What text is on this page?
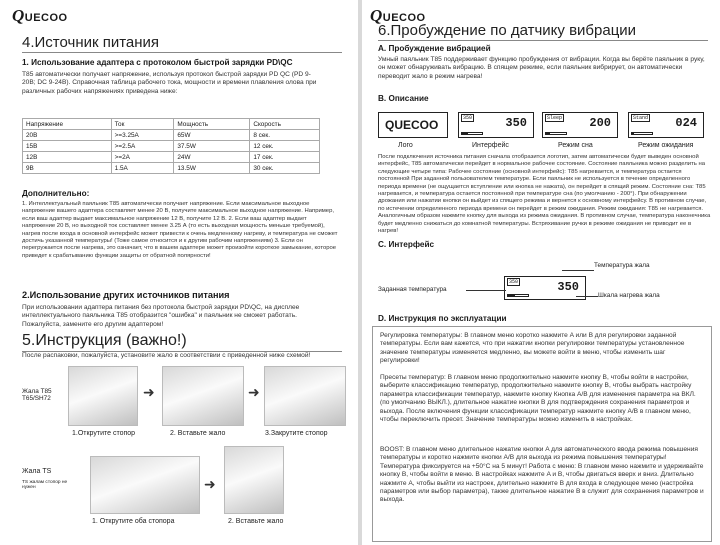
QUECOO
4.Источник питания
1. Использование адаптера с протоколом быстрой зарядки PD\QC
T85 автоматически получает напряжение, используя протокол быстрой зарядки PD QC (PD 9-20В; DC 9-24В). Справочная таблица рабочего тока, мощности и времени плавления олова при различных рабочих напряжениях приведена ниже:
Напряжение	Ток	Мощность	Скорость
20В	>=3.25А	65W	8 сек.
15В	>=2.5А	37.5W	12 сек.
12В	>=2А	24W	17 сек.
9В	1.5А	13.5W	30 сек.
Дополнительно:
1. Интеллектуальный паяльник T85 автоматически получает напряжение. Если максимальное выходное напряжение вашего адаптера составляет менее 20 В, получите максимальное выходное напряжение. Например, если ваш адаптер выдает максимальное напряжение 12 В, получите 12 В. 2. Если ваш адаптер выдает напряжение 20 В, но выходной ток составляет менее 3.25 А (то есть выходная мощность меньше требуемой), нагрев после входа в основной интерфейс может привести к очень медленному нагреву, и температура не сможет достичь указанной температуры! (Тоже самое относится и к другим рабочим напряжениям) 3. Если он перегружается после нагрева, это означает, что в вашем адаптере может произойти короткое замыкание, которое приведет к срабатыванию функции защиты от обратной полярности!
2.Использование других источников питания
При использовании адаптера питания без протокола быстрой зарядки PD\QC, на дисплее интеллектуального паяльника T85 отобразится "ошибка" и паяльник не сможет работать. Пожалуйста, замените его другим адаптером!
5.Инструкция (важно!)
После распаковки, пожалуйста, установите жало в соответствии с приведенной ниже схемой!
Жала T85 T65/SH72	➜	➜
1.Открутите стопор	2. Вставьте жало	3.Закрутите стопор
Жала TS
TS жалам стопор не нужен	➜
1. Открутите оба стопора	2. Вставьте жало
QUECOO
6.Пробуждение по датчику вибрации
А. Пробуждение вибрацией
Умный паяльник T85 поддерживает функцию пробуждения от вибрации. Когда вы берёте паяльник в руку, он может обнаруживать вибрацию. В спящем режиме, если паяльник вибрирует, он автоматически переводит жало в режим нагрева!
B. Описание
QUECOO	350	350	Sleep 200	Stand 024
Лого	Интерфейс	Режим сна	Режим ожидания
После подключения источника питания сначала отобразится логотип, затем автоматически будет выведен основной интерфейс, T85 автоматически перейдет в нормальное рабочее состояние. Состояние паяльника можно разделить на следующие четыре типа: Рабочее состояние (основной интерфейс): T85 нагревается, и температура остается постоянной При заданной пользователем температуре. Если паяльник не используется в течение определенного периода времени (не ощущается вступление или кнопка не нажата), он перейдет в спящий режим. Состояние сна: T85 нагревается, и температура остается постоянной при температуре сна (по умолчанию - 200°). При обнаружении дрожания или нажатии кнопки он выйдет из спящего режима и вернется к основному интерфейсу. В противном случае, по истечении определенного периода времени он перейдет в режим ожидания. Режим ожидания: T85 не нагревается. Аналогичным образом нажмите кнопку для выхода из режима ожидания. В противном случае, температура наконечника будет медленно снижаться до комнатной температуры. Встряхивание ручки в режиме ожидания не приводит ее в нагрев!
C. Интерфейс
350	350
Заданная температура
Температура жала
Шкала нагрева жала
D. Инструкция по эксплуатации
Регулировка температуры: В главном меню коротко нажмите A или B для регулировки заданной температуры. Если вам кажется, что при нажатии кнопки регулировки температуры установленное значение температуры изменяется медленно, вы можете войти в меню, чтобы изменить шаг регулировки!
Пресеты температур: В главном меню продолжительно нажмите кнопку B, чтобы войти в настройки, выберите классификацию температур, продолжительно нажмите кнопку B, чтобы выбрать настройку параметра классификации температур, нажмите кнопку Кнопка A/B для изменения параметра на ВКЛ. (по умолчанию ВЫКЛ.), длительное нажатие кнопки В для подтверждения сохранения параметров и выхода. После включения функции классификации температур нажмите кнопку A/B в главном меню, чтобы переключить пресет. Значение температуры можно изменить в настройках.
BOOST: В главном меню длительное нажатие кнопки A для автоматического ввода режима повышения температуры и коротко нажмите кнопки A/B для выхода из режима повышения температуры! Температура фиксируется на +50°C на 5 минут! Работа с меню: В главном меню нажмите и удерживайте кнопку B, чтобы войти в меню. В настройках нажмите A и B, чтобы двигаться вверх и вниз. Длительно нажмите A, чтобы выйти из настроек, длительно нажмите B для входа в следующее меню (настройка параметров или выбор параметра), также длительное нажатие B в служит для сохранения параметров и выхода.
